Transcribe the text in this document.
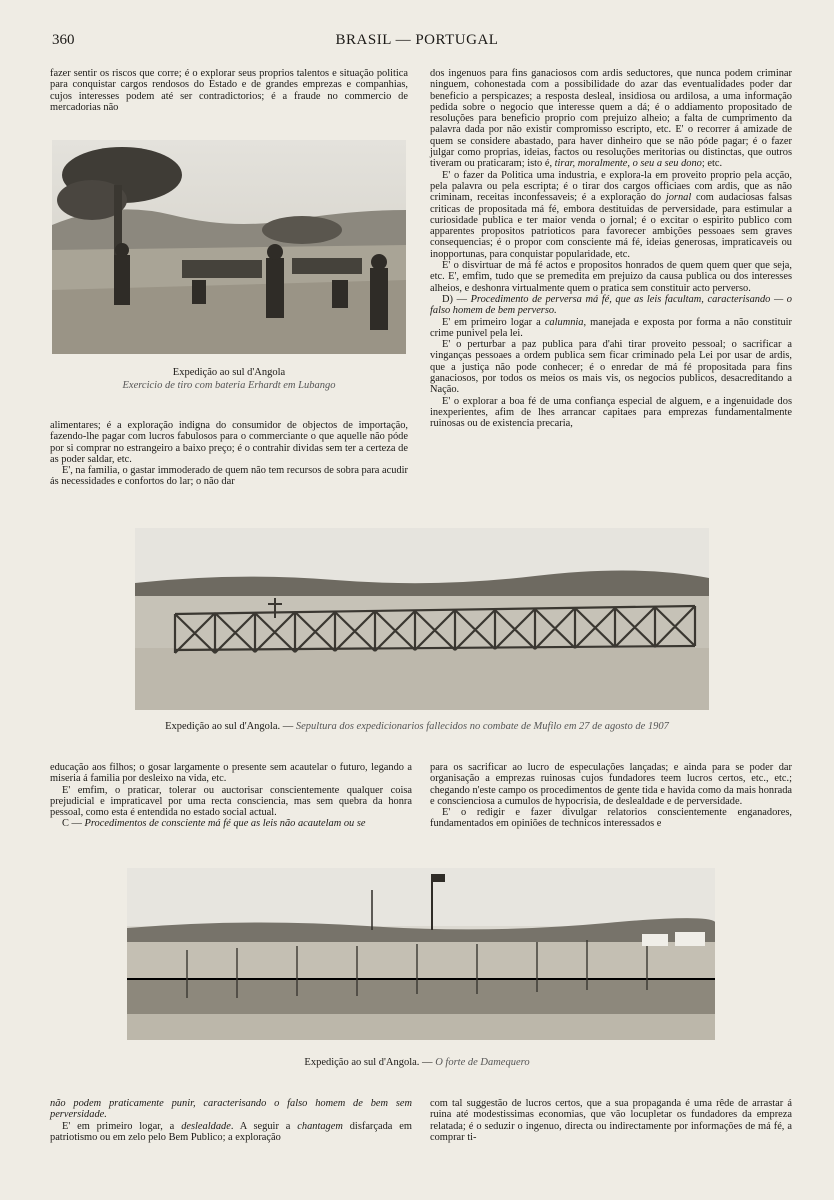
360	BRASIL — PORTUGAL

fazer sentir os riscos que corre; é o explorar seus proprios talentos e situação politica para conquistar cargos rendosos do Estado e de grandes emprezas e companhias, cujos interesses podem até ser contradictorios; é a fraude no commercio de mercadorias não

Expedição ao sul d'Angola
Exercicio de tiro com bateria Erhardt em Lubango

alimentares; é a exploração indigna do consumidor de objectos de importação, fazendo-lhe pagar com lucros fabulosos para o commerciante o que aquelle não póde por si comprar no estrangeiro a baixo preço; é o contrahir dividas sem ter a certeza de as poder saldar, etc.

E', na familia, o gastar immoderado de quem não tem recursos de sobra para acudir ás necessidades e confortos do lar; o não dar

dos ingenuos para fins ganaciosos com ardis seductores, que nunca podem criminar ninguem, cohonestada com a possibilidade do azar das eventualidades poder dar beneficio a perspicazes; a resposta desleal, insidiosa ou ardilosa, a uma informação pedida sobre o negocio que interesse quem a dá; é o addiamento propositado de resoluções para beneficio proprio com prejuizo alheio; a falta de cumprimento da palavra dada por não existir compromisso escripto, etc. E' o recorrer á amizade de quem se considere abastado, para haver dinheiro que se não póde pagar; é o fazer julgar como proprias, ideias, factos ou resoluções meritorias ou distinctas, que outros tiveram ou praticaram; isto é, tirar, moralmente, o seu a seu dono; etc.

E' o fazer da Politica uma industria, e explora-la em proveito proprio pela acção, pela palavra ou pela escripta; é o tirar dos cargos officiaes com ardis, que as não criminam, receitas inconfessaveis; é a exploração do jornal com audaciosas falsas criticas de propositada má fé, embora destituidas de perversidade, para estimular a curiosidade publica e ter maior venda o jornal; é o excitar o espirito publico com apparentes propositos patrioticos para favorecer ambições pessoaes sem graves consequencias; é o propor com consciente má fé, ideias generosas, impraticaveis ou inopportunas, para conquistar popularidade, etc.

E' o disvirtuar de má fé actos e propositos honrados de quem quem quer que seja, etc. E', emfim, tudo que se premedita em prejuizo da causa publica ou dos interesses alheios, e deshonra virtualmente quem o pratica sem constituir acto perverso.

D) — Procedimento de perversa má fé, que as leis facultam, caracterisando — o falso homem de bem perverso.

E' em primeiro logar a calumnia, manejada e exposta por forma a não constituir crime punivel pela lei.

E' o perturbar a paz publica para d'ahi tirar proveito pessoal; o sacrificar a vinganças pessoaes a ordem publica sem ficar criminado pela Lei por usar de ardis, que a justiça não pode conhecer; é o enredar de má fé propositada para fins ganaciosos, por todos os meios os mais vis, os negocios publicos, desacreditando a Nação.

E' o explorar a boa fé de uma confiança especial de alguem, e a ingenuidade dos inexperientes, afim de lhes arrancar capitaes para emprezas fundamentalmente ruinosas ou de existencia precaria,

Expedição ao sul d'Angola. — Sepultura dos expedicionarios fallecidos no combate de Mufilo em 27 de agosto de 1907

educação aos filhos; o gosar largamente o presente sem acautelar o futuro, legando a miseria á familia por desleixo na vida, etc.

E' emfim, o praticar, tolerar ou auctorisar conscientemente qualquer coisa prejudicial e impraticavel por uma recta consciencia, mas sem quebra da honra pessoal, como esta é entendida no estado social actual.

C — Procedimentos de consciente má fé que as leis não acautelam ou se

para os sacrificar ao lucro de especulações lançadas; e ainda para se poder dar organisação a emprezas ruinosas cujos fundadores teem lucros certos, etc., etc.; chegando n'este campo os procedimentos de gente tida e havida como da mais honrada e conscienciosa a cumulos de hypocrisia, de deslealdade e de perversidade.

E' o redigir e fazer divulgar relatorios conscientemente enganadores, fundamentados em opiniões de technicos interessados e

Expedição ao sul d'Angola. — O forte de Damequero

não podem praticamente punir, caracterisando o falso homem de bem sem perversidade.

E' em primeiro logar, a deslealdade. A seguir a chantagem disfarçada em patriotismo ou em zelo pelo Bem Publico; a exploração

com tal suggestão de lucros certos, que a sua propaganda é uma rêde de arrastar á ruina até modestissimas economias, que vão locupletar os fundadores da empreza relatada; é o seduzir o ingenuo, directa ou indirectamente por informações de má fé, a comprar ti-
